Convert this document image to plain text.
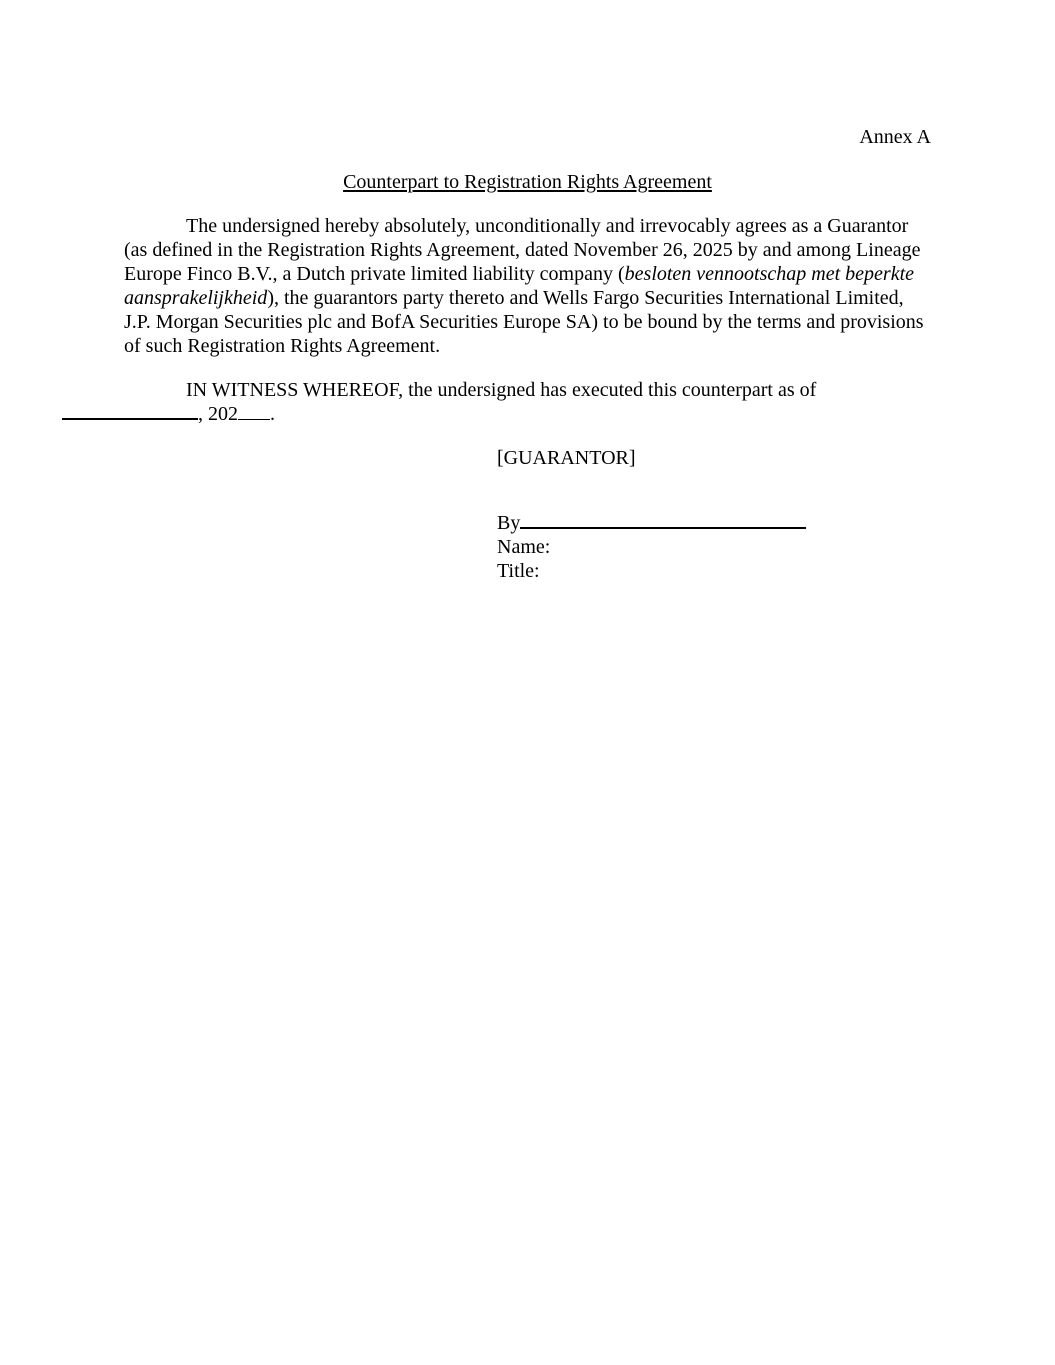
Annex A

Counterpart to Registration Rights Agreement

The undersigned hereby absolutely, unconditionally and irrevocably agrees as a Guarantor (as defined in the Registration Rights Agreement, dated November 26, 2025 by and among Lineage Europe Finco B.V., a Dutch private limited liability company (besloten vennootschap met beperkte aansprakelijkheid), the guarantors party thereto and Wells Fargo Securities International Limited, J.P. Morgan Securities plc and BofA Securities Europe SA) to be bound by the terms and provisions of such Registration Rights Agreement.

IN WITNESS WHEREOF, the undersigned has executed this counterpart as of
, 202 .

[GUARANTOR]

By

Name:

Title:
